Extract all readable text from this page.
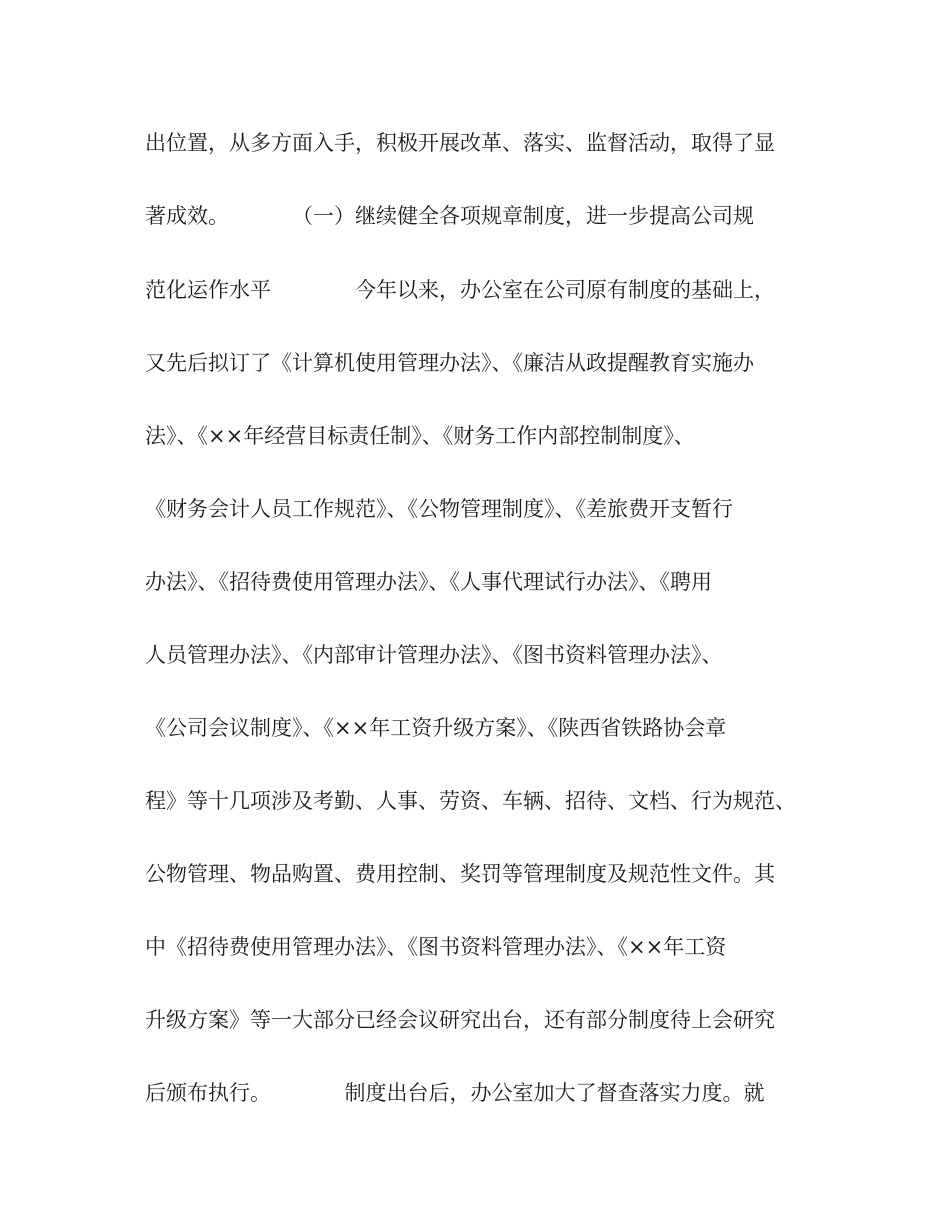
出位置，从多方面入手，积极开展改革、落实、监督活动，取得了显
著成效。　　　　（一）继续健全各项规章制度，进一步提高公司规
范化运作水平　　　　今年以来，办公室在公司原有制度的基础上，
又先后拟订了《计算机使用管理办法》、《廉洁从政提醒教育实施办
法》、《××年经营目标责任制》、《财务工作内部控制制度》、
《财务会计人员工作规范》、《公物管理制度》、《差旅费开支暂行
办法》、《招待费使用管理办法》、《人事代理试行办法》、《聘用
人员管理办法》、《内部审计管理办法》、《图书资料管理办法》、
《公司会议制度》、《××年工资升级方案》、《陕西省铁路协会章
程》等十几项涉及考勤、人事、劳资、车辆、招待、文档、行为规范、
公物管理、物品购置、费用控制、奖罚等管理制度及规范性文件。其
中《招待费使用管理办法》、《图书资料管理办法》、《××年工资
升级方案》等一大部分已经会议研究出台，还有部分制度待上会研究
后颁布执行。　　　　制度出台后，办公室加大了督查落实力度。就
